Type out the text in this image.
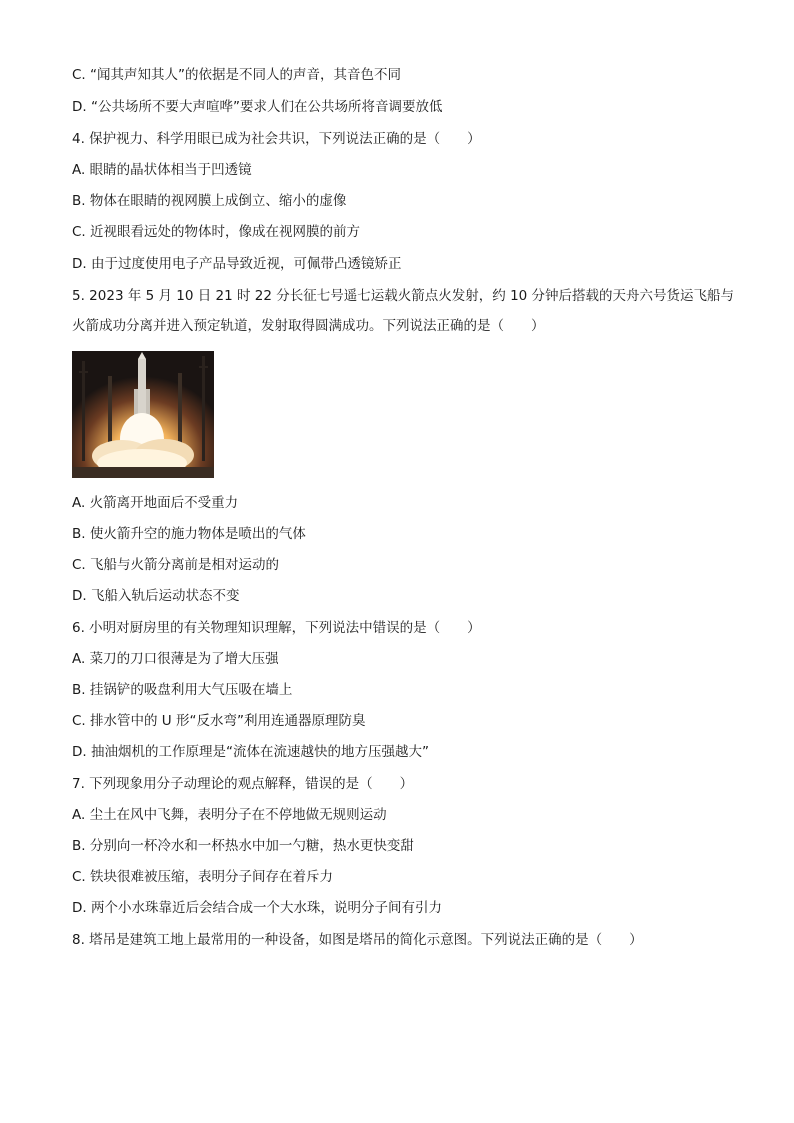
C. “闻其声知其人”的依据是不同人的声音，其音色不同
D. “公共场所不要大声喧哗”要求人们在公共场所将音调要放低
4. 保护视力、科学用眼已成为社会共识，下列说法正确的是（　　）
A. 眼睛的晶状体相当于凹透镜
B. 物体在眼睛的视网膜上成倒立、缩小的虚像
C. 近视眼看远处的物体时，像成在视网膜的前方
D. 由于过度使用电子产品导致近视，可佩带凸透镜矫正
5. 2023 年 5 月 10 日 21 时 22 分长征七号遥七运载火箭点火发射，约 10 分钟后搭载的天舟六号货运飞船与
火箭成功分离并进入预定轨道，发射取得圆满成功。下列说法正确的是（　　）
A. 火箭离开地面后不受重力
B. 使火箭升空的施力物体是喷出的气体
C. 飞船与火箭分离前是相对运动的
D. 飞船入轨后运动状态不变
6. 小明对厨房里的有关物理知识理解，下列说法中错误的是（　　）
A. 菜刀的刀口很薄是为了增大压强
B. 挂锅铲的吸盘利用大气压吸在墙上
C. 排水管中的 U 形“反水弯”利用连通器原理防臭
D. 抽油烟机的工作原理是“流体在流速越快的地方压强越大”
7. 下列现象用分子动理论的观点解释，错误的是（　　）
A. 尘土在风中飞舞，表明分子在不停地做无规则运动
B. 分别向一杯冷水和一杯热水中加一勺糖，热水更快变甜
C. 铁块很难被压缩，表明分子间存在着斥力
D. 两个小水珠靠近后会结合成一个大水珠，说明分子间有引力
8. 塔吊是建筑工地上最常用的一种设备，如图是塔吊的简化示意图。下列说法正确的是（　　）
